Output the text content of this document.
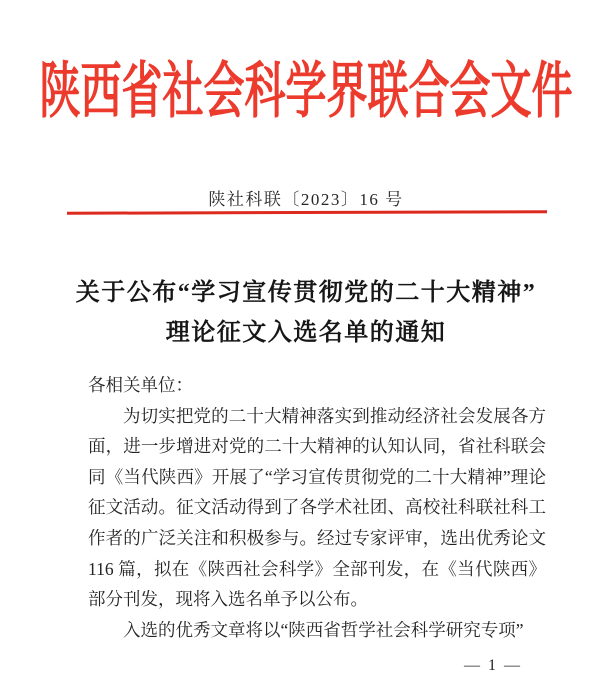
陕西省社会科学界联合会文件
陕社科联〔2023〕16 号
关于公布“学习宣传贯彻党的二十大精神”
理论征文入选名单的通知
各相关单位：

为切实把党的二十大精神落实到推动经济社会发展各方面，进一步增进对党的二十大精神的认知认同，省社科联会同《当代陕西》开展了“学习宣传贯彻党的二十大精神”理论征文活动。征文活动得到了各学术社团、高校社科联社科工作者的广泛关注和积极参与。经过专家评审，选出优秀论文 116 篇，拟在《陕西社会科学》全部刊发，在《当代陕西》部分刊发，现将入选名单予以公布。

入选的优秀文章将以“陕西省哲学社会科学研究专项”

— 1 —
